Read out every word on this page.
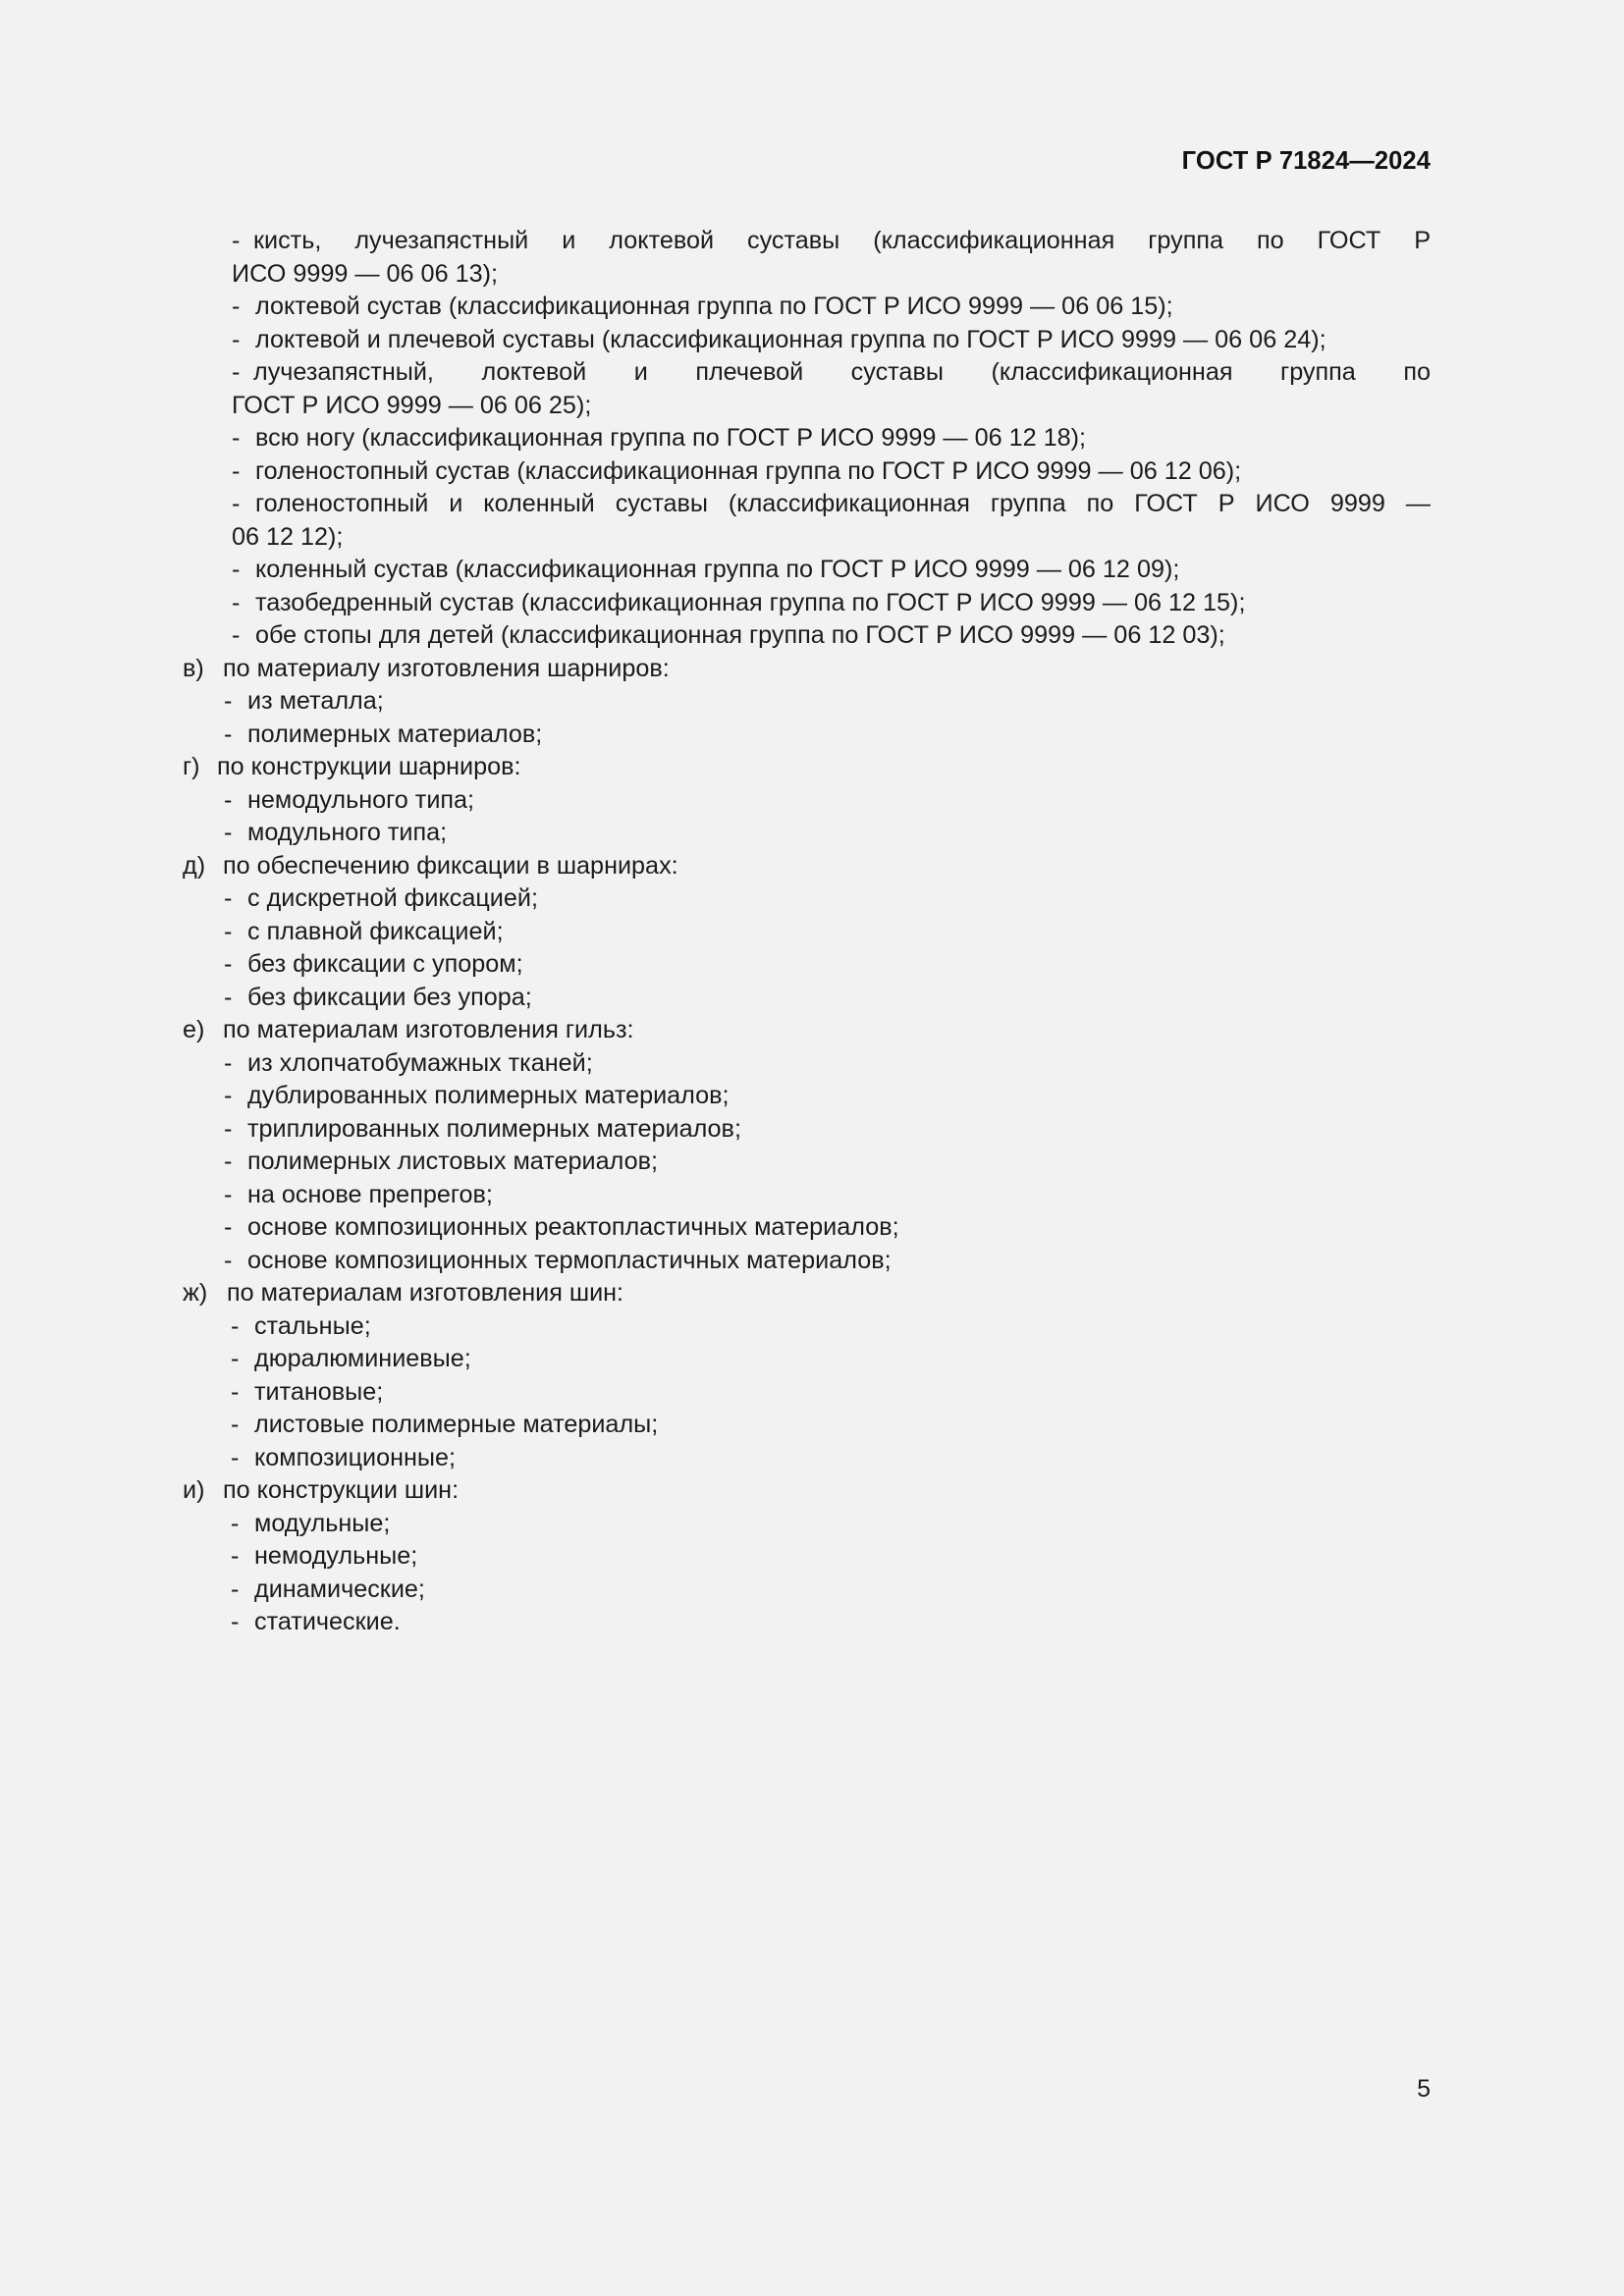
ГОСТ Р 71824—2024
- кисть, лучезапястный и локтевой суставы (классификационная группа по ГОСТ Р
ИСО 9999 — 06 06 13);
- локтевой сустав (классификационная группа по ГОСТ Р ИСО 9999 — 06 06 15);
- локтевой и плечевой суставы (классификационная группа по ГОСТ Р ИСО 9999 — 06 06 24);
- лучезапястный, локтевой и плечевой суставы (классификационная группа по
ГОСТ Р ИСО 9999 — 06 06 25);
- всю ногу (классификационная группа по ГОСТ Р ИСО 9999 — 06 12 18);
- голеностопный сустав (классификационная группа по ГОСТ Р ИСО 9999 — 06 12 06);
- голеностопный и коленный суставы (классификационная группа по ГОСТ Р ИСО 9999 —
06 12 12);
- коленный сустав (классификационная группа по ГОСТ Р ИСО 9999 — 06 12 09);
- тазобедренный сустав (классификационная группа по ГОСТ Р ИСО 9999 — 06 12 15);
- обе стопы для детей (классификационная группа по ГОСТ Р ИСО 9999 — 06 12 03);
в) по материалу изготовления шарниров:
- из металла;
- полимерных материалов;
г) по конструкции шарниров:
- немодульного типа;
- модульного типа;
д) по обеспечению фиксации в шарнирах:
- с дискретной фиксацией;
- с плавной фиксацией;
- без фиксации с упором;
- без фиксации без упора;
е) по материалам изготовления гильз:
- из хлопчатобумажных тканей;
- дублированных полимерных материалов;
- триплированных полимерных материалов;
- полимерных листовых материалов;
- на основе препрегов;
- основе композиционных реактопластичных материалов;
- основе композиционных термопластичных материалов;
ж) по материалам изготовления шин:
- стальные;
- дюралюминиевые;
- титановые;
- листовые полимерные материалы;
- композиционные;
и) по конструкции шин:
- модульные;
- немодульные;
- динамические;
- статические.
5
